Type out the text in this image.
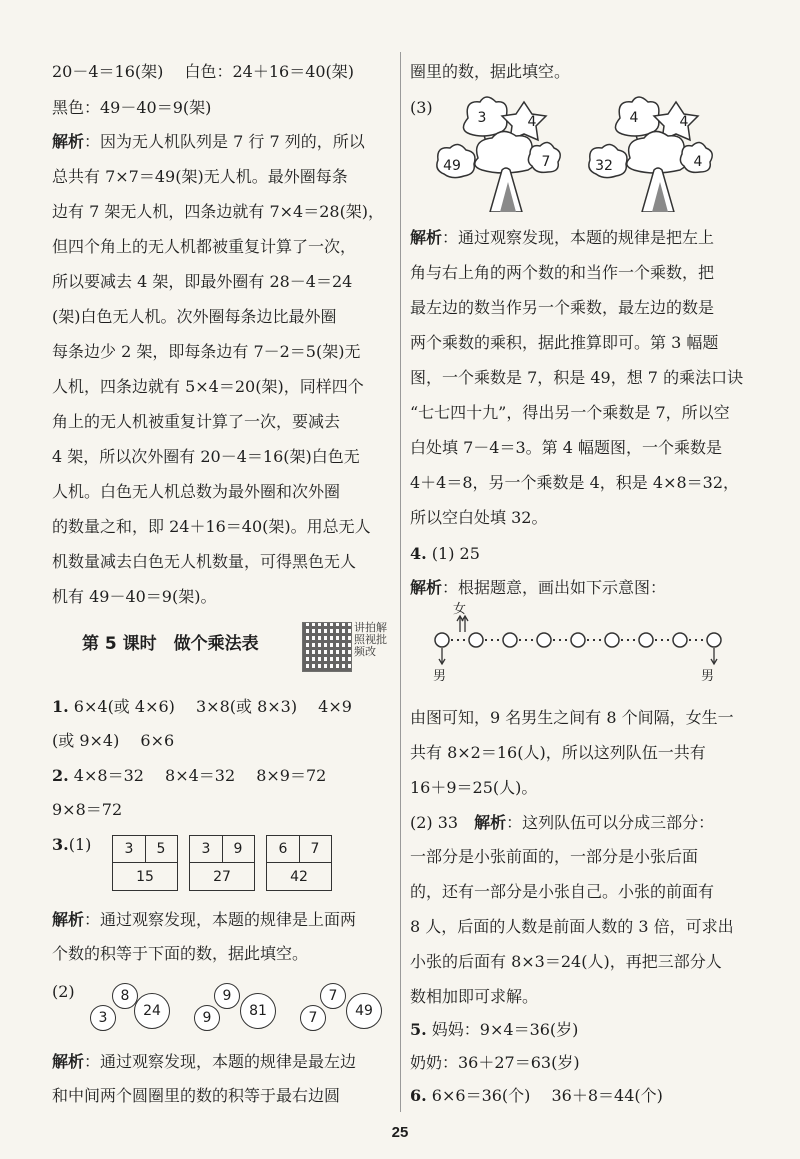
20－4＝16(架)　 白色：24＋16＝40(架)
黑色：49－40＝9(架)
解析：因为无人机队列是 7 行 7 列的，所以
总共有 7×7＝49(架)无人机。最外圈每条
边有 7 架无人机，四条边就有 7×4＝28(架)，
但四个角上的无人机都被重复计算了一次，
所以要减去 4 架，即最外圈有 28－4＝24
(架)白色无人机。次外圈每条边比最外圈
每条边少 2 架，即每条边有 7－2＝5(架)无
人机，四条边就有 5×4＝20(架)，同样四个
角上的无人机被重复计算了一次，要减去
4 架，所以次外圈有 20－4＝16(架)白色无
人机。白色无人机总数为最外圈和次外圈
的数量之和，即 24＋16＝40(架)。用总无人
机数量减去白色无人机数量，可得黑色无人
机有 49－40＝9(架)。
第 5 课时　做个乘法表
讲拍解照视批频改
1. 6×4(或 4×6)　 3×8(或 8×3)　 4×9
(或 9×4)　 6×6
2. 4×8＝32　 8×4＝32　 8×9＝72
9×8＝72
3.(1)	3	5
15
3	9
27
6	7
42
解析：通过观察发现，本题的规律是上面两
个数的积等于下面的数，据此填空。
(2)	8
3	24
9
9	81
7
7	49
解析：通过观察发现，本题的规律是最左边
和中间两个圆圈里的数的积等于最右边圆
圈里的数，据此填空。
(3)
3	4
49	7
4	4
32	4
解析：通过观察发现，本题的规律是把左上
角与右上角的两个数的和当作一个乘数，把
最左边的数当作另一个乘数，最左边的数是
两个乘数的乘积，据此推算即可。第 3 幅题
图，一个乘数是 7，积是 49，想 7 的乘法口诀
“七七四十九”，得出另一个乘数是 7，所以空
白处填 7－4＝3。第 4 幅题图，一个乘数是
4＋4＝8，另一个乘数是 4，积是 4×8＝32，
所以空白处填 32。
4. (1) 25
解析：根据题意，画出如下示意图：
女
男	男
由图可知，9 名男生之间有 8 个间隔，女生一
共有 8×2＝16(人)，所以这列队伍一共有
16＋9＝25(人)。
(2) 33　解析：这列队伍可以分成三部分：
一部分是小张前面的，一部分是小张后面
的，还有一部分是小张自己。小张的前面有
8 人，后面的人数是前面人数的 3 倍，可求出
小张的后面有 8×3＝24(人)，再把三部分人
数相加即可求解。
5. 妈妈：9×4＝36(岁)
奶奶：36＋27＝63(岁)
6. 6×6＝36(个)　 36＋8＝44(个)
25
